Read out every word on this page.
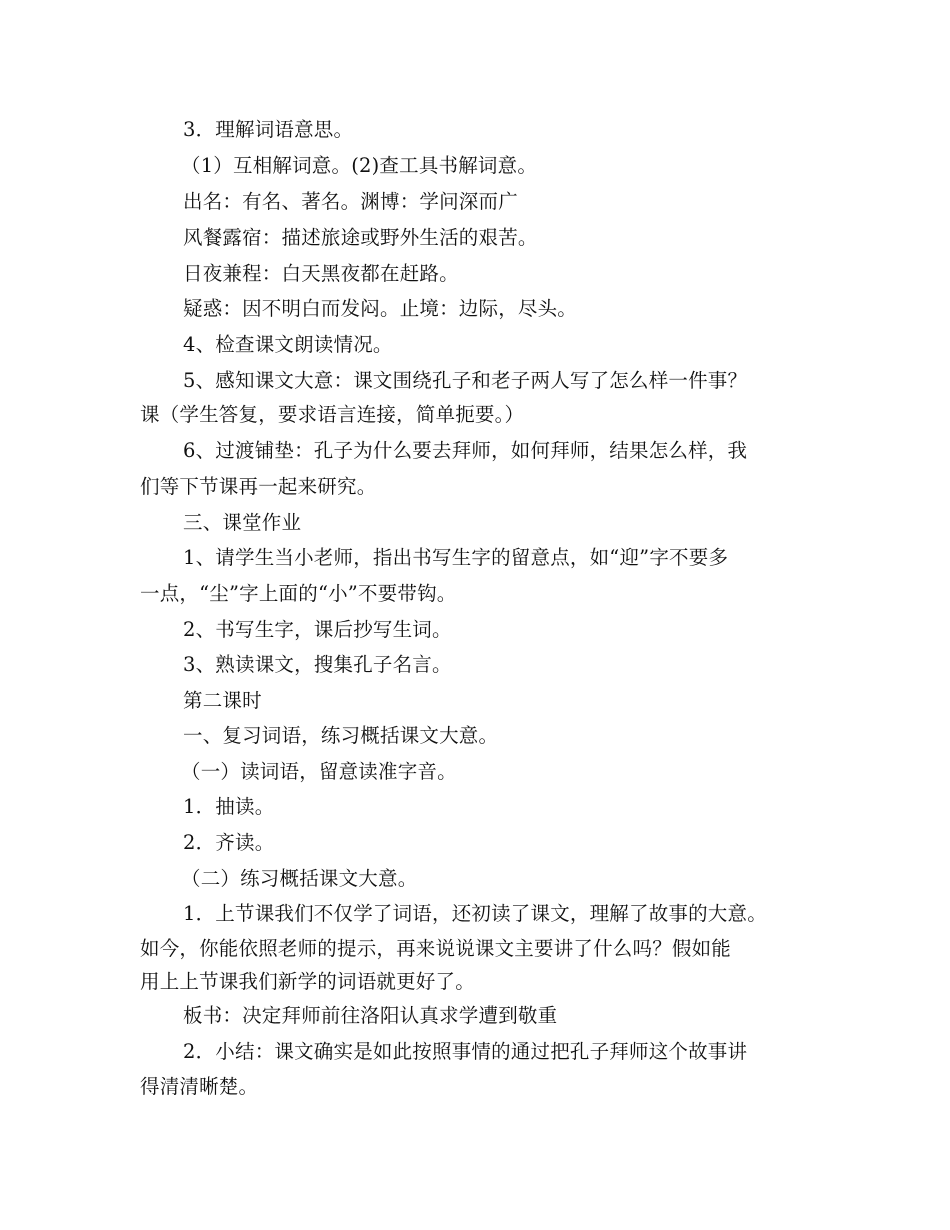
3．理解词语意思。
（1）互相解词意。(2)查工具书解词意。
出名：有名、著名。渊博：学问深而广
风餐露宿：描述旅途或野外生活的艰苦。
日夜兼程：白天黑夜都在赶路。
疑惑：因不明白而发闷。止境：边际，尽头。
4、检查课文朗读情况。
5、感知课文大意：课文围绕孔子和老子两人写了怎么样一件事？
课（学生答复，要求语言连接，简单扼要。）
6、过渡铺垫：孔子为什么要去拜师，如何拜师，结果怎么样，我
们等下节课再一起来研究。
三、课堂作业
1、请学生当小老师，指出书写生字的留意点，如“迎”字不要多
一点，“尘”字上面的“小”不要带钩。
2、书写生字，课后抄写生词。
3、熟读课文，搜集孔子名言。
第二课时
一、复习词语，练习概括课文大意。
（一）读词语，留意读准字音。
1．抽读。
2．齐读。
（二）练习概括课文大意。
1．上节课我们不仅学了词语，还初读了课文，理解了故事的大意。
如今，你能依照老师的提示，再来说说课文主要讲了什么吗？假如能
用上上节课我们新学的词语就更好了。
板书：决定拜师前往洛阳认真求学遭到敬重
2．小结：课文确实是如此按照事情的通过把孔子拜师这个故事讲
得清清晰楚。
